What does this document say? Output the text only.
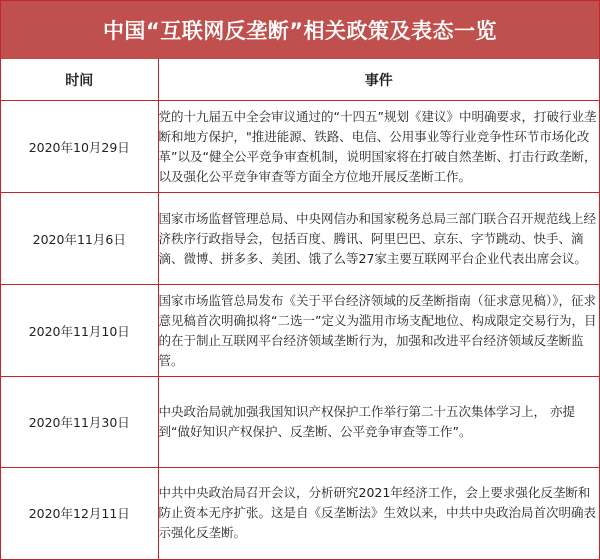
中国“互联网反垄断”相关政策及表态一览
时间	事件
2020年10月29日	党的十九届五中全会审议通过的“十四五”规划《建议》中明确要求，打破行业垄断和地方保护，"推进能源、铁路、电信、公用事业等行业竞争性环节市场化改革”以及“健全公平竞争审查机制，说明国家将在打破自然垄断、打击行政垄断，以及强化公平竞争审查等方面全方位地开展反垄断工作。
2020年11月6日	国家市场监督管理总局、中央网信办和国家税务总局三部门联合召开规范线上经济秩序行政指导会，包括百度、腾讯、阿里巴巴、京东、字节跳动、快手、滴滴、微博、拼多多、美团、饿了么等27家主要互联网平台企业代表出席会议。
2020年11月10日	国家市场监管总局发布《关于平台经济领域的反垄断指南（征求意见稿）》，征求意见稿首次明确拟将“二选一”定义为滥用市场支配地位、构成限定交易行为，目的在于制止互联网平台经济领域垄断行为，加强和改进平台经济领域反垄断监管。
2020年11月30日	中央政治局就加强我国知识产权保护工作举行第二十五次集体学习上， 亦提到“做好知识产权保护、反垄断、公平竞争审查等工作”。
2020年12月11日	中共中央政治局召开会议，分析研究2021年经济工作，会上要求强化反垄断和防止资本无序扩张。这是自《反垄断法》生效以来，中共中央政治局首次明确表示强化反垄断。
